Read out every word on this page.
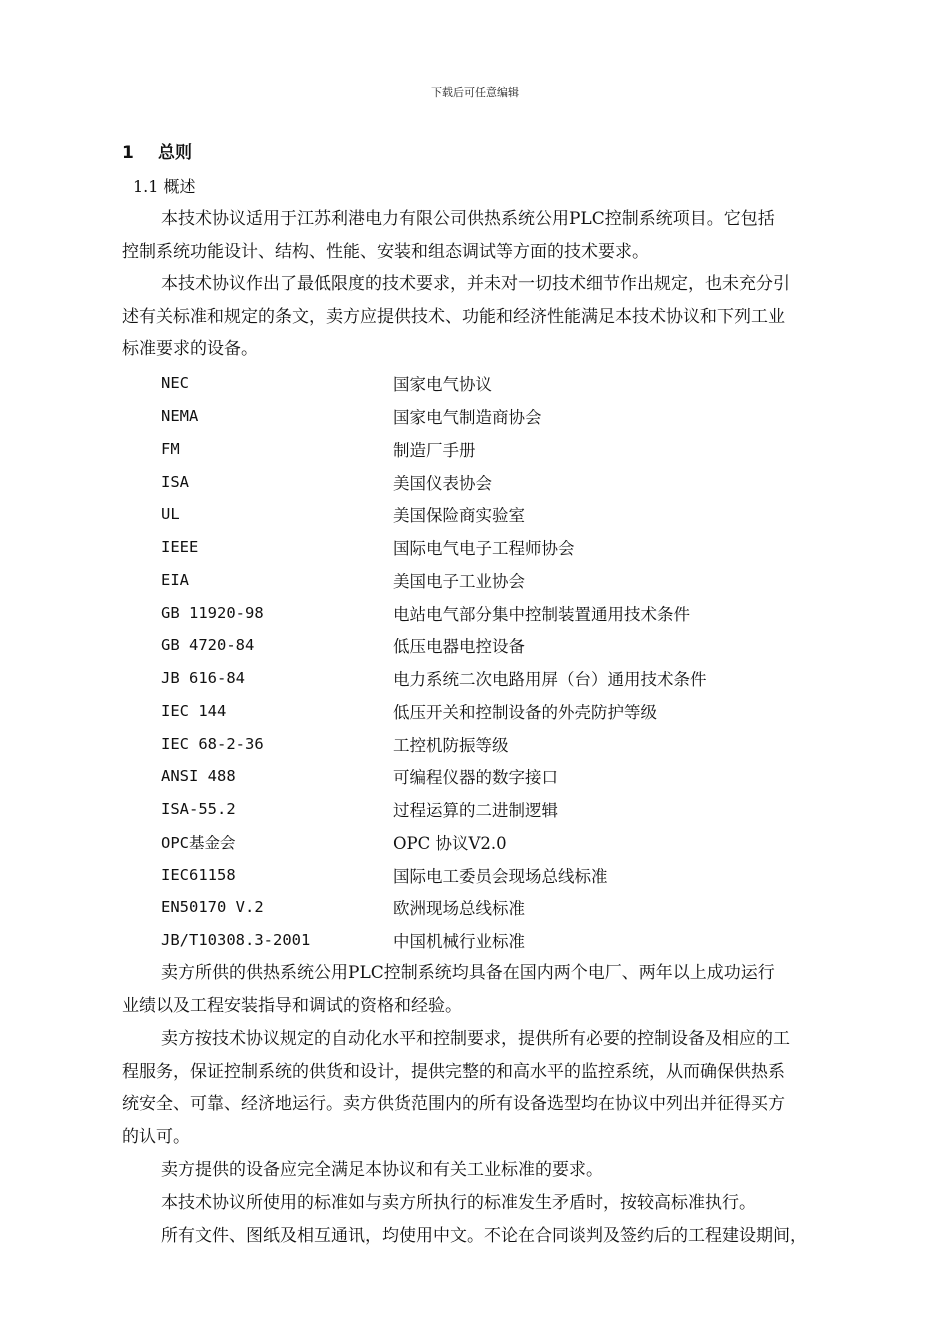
下载后可任意编辑
1 总则
1.1 概述
本技术协议适用于江苏利港电力有限公司供热系统公用PLC控制系统项目。它包括
控制系统功能设计、结构、性能、安装和组态调试等方面的技术要求。
本技术协议作出了最低限度的技术要求，并未对一切技术细节作出规定，也未充分引
述有关标准和规定的条文，卖方应提供技术、功能和经济性能满足本技术协议和下列工业
标准要求的设备。
NEC	国家电气协议
NEMA	国家电气制造商协会
FM	制造厂手册
ISA	美国仪表协会
UL	美国保险商实验室
IEEE	国际电气电子工程师协会
EIA	美国电子工业协会
GB 11920-98	电站电气部分集中控制装置通用技术条件
GB 4720-84	低压电器电控设备
JB 616-84	电力系统二次电路用屏（台）通用技术条件
IEC 144	低压开关和控制设备的外壳防护等级
IEC 68-2-36	工控机防振等级
ANSI 488	可编程仪器的数字接口
ISA-55.2	过程运算的二进制逻辑
OPC基金会	OPC 协议V2.0
IEC61158	国际电工委员会现场总线标准
EN50170 V.2	欧洲现场总线标准
JB/T10308.3-2001	中国机械行业标准
卖方所供的供热系统公用PLC控制系统均具备在国内两个电厂、两年以上成功运行
业绩以及工程安装指导和调试的资格和经验。
卖方按技术协议规定的自动化水平和控制要求，提供所有必要的控制设备及相应的工
程服务，保证控制系统的供货和设计，提供完整的和高水平的监控系统，从而确保供热系
统安全、可靠、经济地运行。卖方供货范围内的所有设备选型均在协议中列出并征得买方
的认可。
卖方提供的设备应完全满足本协议和有关工业标准的要求。
本技术协议所使用的标准如与卖方所执行的标准发生矛盾时，按较高标准执行。
所有文件、图纸及相互通讯，均使用中文。不论在合同谈判及签约后的工程建设期间，
